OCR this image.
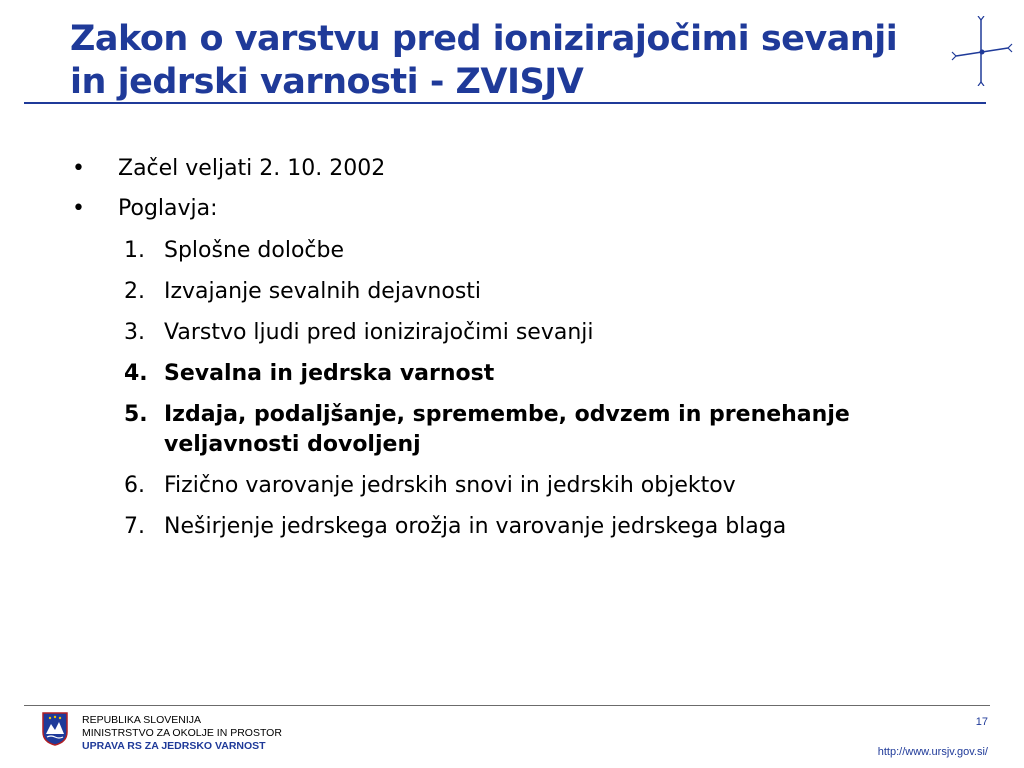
Zakon o varstvu pred ionizirajočimi sevanji
in jedrski varnosti - ZVISJV
•	Začel veljati 2. 10. 2002
•	Poglavja:
1. Splošne določbe
2. Izvajanje sevalnih dejavnosti
3. Varstvo ljudi pred ionizirajočimi sevanji
4. Sevalna in jedrska varnost
5. Izdaja, podaljšanje, spremembe, odvzem in prenehanje veljavnosti dovoljenj
6. Fizično varovanje jedrskih snovi in jedrskih objektov
7. Neširjenje jedrskega orožja in varovanje jedrskega blaga
REPUBLIKA SLOVENIJA
MINISTRSTVO ZA OKOLJE IN PROSTOR
UPRAVA RS ZA JEDRSKO VARNOST
17
http://www.ursjv.gov.si/
